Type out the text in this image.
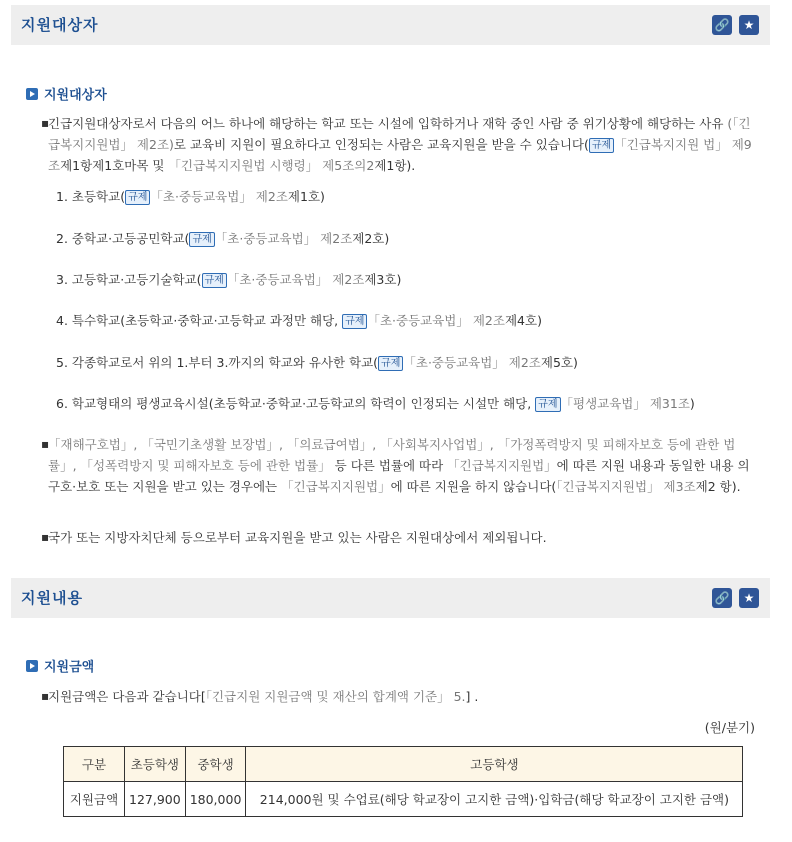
지원대상자	🔗	★
지원대상자
▪
긴급지원대상자로서 다음의 어느 하나에 해당하는 학교 또는 시설에 입학하거나 재학 중인 사람 중 위기상황에 해당하는 사유 (「긴급복지지원법」 제2조)로 교육비 지원이 필요하다고 인정되는 사람은 교육지원을 받을 수 있습니다( 규제 「긴급복지지원 법」 제9조제1항제1호마목 및 「긴급복지지원법 시행령」 제5조의2제1항).
1. 초등학교( 규제 「초·중등교육법」 제2조제1호)
2. 중학교·고등공민학교( 규제 「초·중등교육법」 제2조제2호)
3. 고등학교·고등기술학교( 규제 「초·중등교육법」 제2조제3호)
4. 특수학교(초등학교·중학교·고등학교 과정만 해당, 규제 「초·중등교육법」 제2조제4호)
5. 각종학교로서 위의 1.부터 3.까지의 학교와 유사한 학교( 규제 「초·중등교육법」 제2조제5호)
6. 학교형태의 평생교육시설(초등학교·중학교·고등학교의 학력이 인정되는 시설만 해당, 규제 「평생교육법」 제31조)
▪
「재해구호법」, 「국민기초생활 보장법」, 「의료급여법」, 「사회복지사업법」, 「가정폭력방지 및 피해자보호 등에 관한 법 률」, 「성폭력방지 및 피해자보호 등에 관한 법률」 등 다른 법률에 따라 「긴급복지지원법」에 따른 지원 내용과 동일한 내용 의 구호·보호 또는 지원을 받고 있는 경우에는 「긴급복지지원법」에 따른 지원을 하지 않습니다(「긴급복지지원법」 제3조제2 항).
▪
국가 또는 지방자치단체 등으로부터 교육지원을 받고 있는 사람은 지원대상에서 제외됩니다.
지원내용	🔗	★
지원금액
▪
지원금액은 다음과 같습니다[「긴급지원 지원금액 및 재산의 합계액 기준」 5.] .
(원/분기)
구분	초등학생	중학생	고등학생
지원금액	127,900	180,000	214,000원 및 수업료(해당 학교장이 고지한 금액)·입학금(해당 학교장이 고지한 금액)
